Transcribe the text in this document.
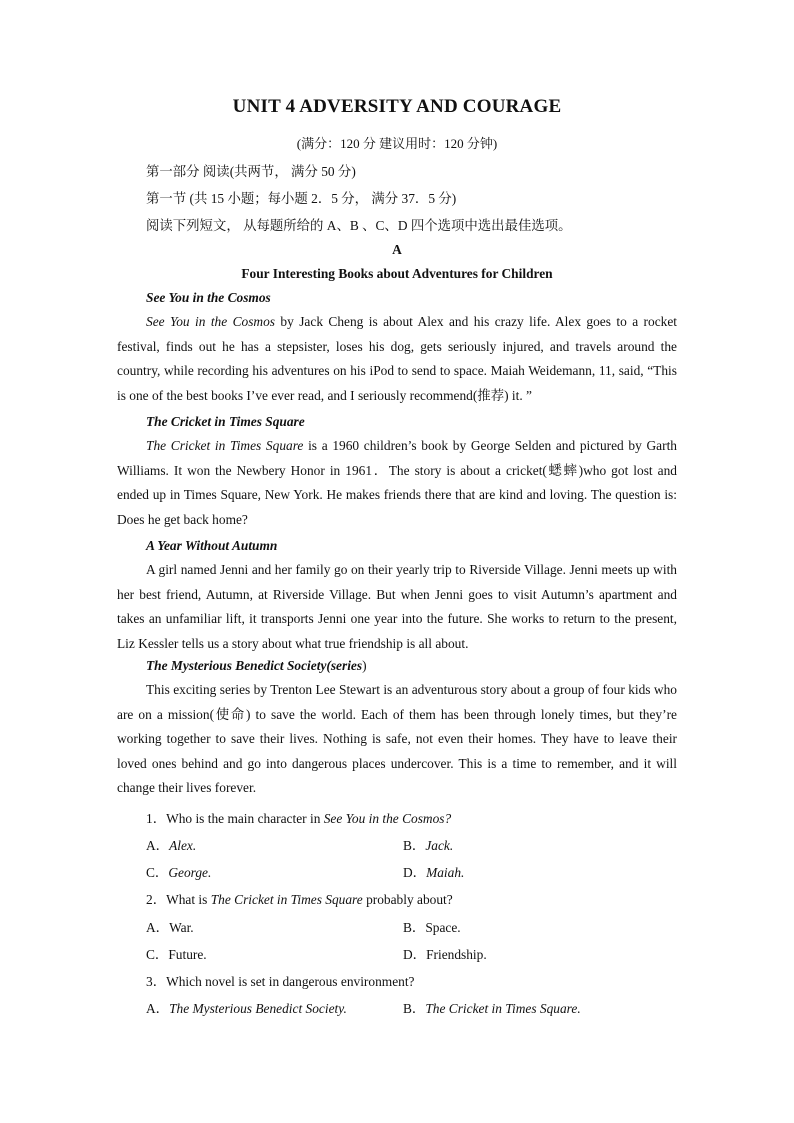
UNIT 4 ADVERSITY AND COURAGE
(满分：120 分 建议用时：120 分钟)
第一部分 阅读(共两节， 满分 50 分)
第一节 (共 15 小题；每小题 2．5 分， 满分 37．5 分)
阅读下列短文， 从每题所给的 A、B 、C、D 四个选项中选出最佳选项。
A
Four Interesting Books about Adventures for Children
See You in the Cosmos
See You in the Cosmos by Jack Cheng is about Alex and his crazy life. Alex goes to a rocket festival, finds out he has a stepsister, loses his dog, gets seriously injured, and travels around the country, while recording his adventures on his iPod to send to space. Maiah Weidemann, 11, said, “This is one of the best books I’ve ever read, and I seriously recommend(推荐) it. ”
The Cricket in Times Square
The Cricket in Times Square is a 1960 children’s book by George Selden and pictured by Garth Williams. It won the Newbery Honor in 1961．The story is about a cricket(蟋蟀)who got lost and ended up in Times Square, New York. He makes friends there that are kind and loving. The question is: Does he get back home?
A Year Without Autumn
A girl named Jenni and her family go on their yearly trip to Riverside Village. Jenni meets up with her best friend, Autumn, at Riverside Village. But when Jenni goes to visit Autumn’s apartment and takes an unfamiliar lift, it transports Jenni one year into the future. She works to return to the present, Liz Kessler tells us a story about what true friendship is all about.
The Mysterious Benedict Society(series)
This exciting series by Trenton Lee Stewart is an adventurous story about a group of four kids who are on a mission(使命) to save the world. Each of them has been through lonely times, but they’re working together to save their lives. Nothing is safe, not even their homes. They have to leave their loved ones behind and go into dangerous places undercover. This is a time to remember, and it will change their lives forever.
1．Who is the main character in See You in the Cosmos?
A．Alex.	B．Jack.
C．George.	D．Maiah.
2．What is The Cricket in Times Square probably about?
A．War.	B．Space.
C．Future.	D．Friendship.
3．Which novel is set in dangerous environment?
A．The Mysterious Benedict Society.	B．The Cricket in Times Square.
